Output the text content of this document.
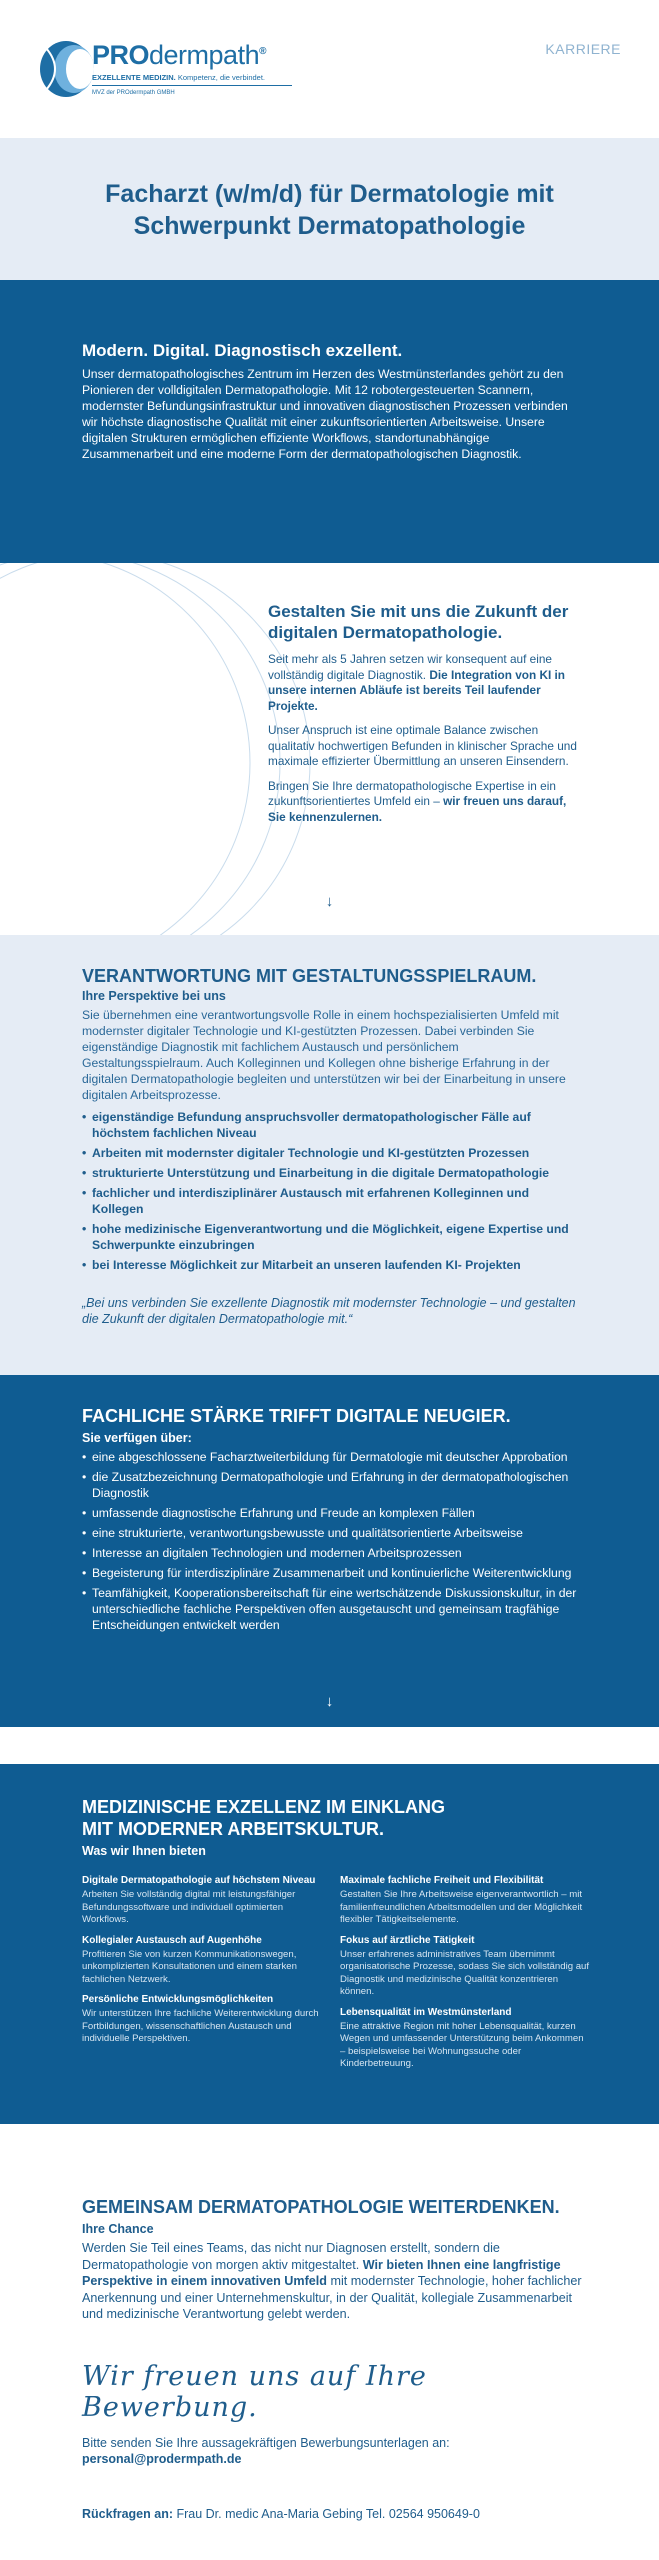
PROdermpath®
EXZELLENTE MEDIZIN. Kompetenz, die verbindet.
MVZ der PROdermpath GMBH
KARRIERE
Facharzt (w/m/d) für Dermatologie mit Schwerpunkt Dermatopathologie
Modern. Digital. Diagnostisch exzellent.

Unser dermatopathologisches Zentrum im Herzen des Westmünsterlandes gehört zu den Pionieren der volldigitalen Dermatopathologie. Mit 12 robotergesteuerten Scannern, modernster Befundungsinfrastruktur und innovativen diagnostischen Prozessen verbinden wir höchste diagnostische Qualität mit einer zukunftsorientierten Arbeitsweise. Unsere digitalen Strukturen ermöglichen effiziente Workflows, standortunabhängige Zusammenarbeit und eine moderne Form der dermatopathologischen Diagnostik.

Gestalten Sie mit uns die Zukunft der digitalen Dermatopathologie.

Seit mehr als 5 Jahren setzen wir konsequent auf eine vollständig digitale Diagnostik. Die Integration von KI in unsere internen Abläufe ist bereits Teil laufender Projekte.

Unser Anspruch ist eine optimale Balance zwischen qualitativ hochwertigen Befunden in klinischer Sprache und maximale effizierter Übermittlung an unseren Einsendern.

Bringen Sie Ihre dermatopathologische Expertise in ein zukunftsorientiertes Umfeld ein – wir freuen uns darauf, Sie kennenzulernen.

↓
VERANTWORTUNG MIT GESTALTUNGSSPIELRAUM.
Ihre Perspektive bei uns

Sie übernehmen eine verantwortungsvolle Rolle in einem hochspezialisierten Umfeld mit modernster digitaler Technologie und KI-gestützten Prozessen. Dabei verbinden Sie eigenständige Diagnostik mit fachlichem Austausch und persönlichem Gestaltungsspielraum. Auch Kolleginnen und Kollegen ohne bisherige Erfahrung in der digitalen Dermatopathologie begleiten und unterstützen wir bei der Einarbeitung in unsere digitalen Arbeitsprozesse.

• eigenständige Befundung anspruchsvoller dermatopathologischer Fälle auf höchstem fachlichen Niveau
• Arbeiten mit modernster digitaler Technologie und KI-gestützten Prozessen
• strukturierte Unterstützung und Einarbeitung in die digitale Dermatopathologie
• fachlicher und interdisziplinärer Austausch mit erfahrenen Kolleginnen und Kollegen
• hohe medizinische Eigenverantwortung und die Möglichkeit, eigene Expertise und Schwerpunkte einzubringen
• bei Interesse Möglichkeit zur Mitarbeit an unseren laufenden KI- Projekten

„Bei uns verbinden Sie exzellente Diagnostik mit modernster Technologie – und gestalten die Zukunft der digitalen Dermatopathologie mit.“

FACHLICHE STÄRKE TRIFFT DIGITALE NEUGIER.
Sie verfügen über:
• eine abgeschlossene Facharztweiterbildung für Dermatologie mit deutscher Approbation
• die Zusatzbezeichnung Dermatopathologie und Erfahrung in der dermatopathologischen Diagnostik
• umfassende diagnostische Erfahrung und Freude an komplexen Fällen
• eine strukturierte, verantwortungsbewusste und qualitätsorientierte Arbeitsweise
• Interesse an digitalen Technologien und modernen Arbeitsprozessen
• Begeisterung für interdisziplinäre Zusammenarbeit und kontinuierliche Weiterentwicklung
• Teamfähigkeit, Kooperationsbereitschaft für eine wertschätzende Diskussionskultur, in der unterschiedliche fachliche Perspektiven offen ausgetauscht und gemeinsam tragfähige Entscheidungen entwickelt werden
↓
MEDIZINISCHE EXZELLENZ IM EINKLANG
MIT MODERNER ARBEITSKULTUR.
Was wir Ihnen bieten
Digitale Dermatopathologie auf höchstem Niveau

Arbeiten Sie vollständig digital mit leistungsfähiger Befundungssoftware und individuell optimierten Workflows.

Kollegialer Austausch auf Augenhöhe

Profitieren Sie von kurzen Kommunikationswegen, unkomplizierten Konsultationen und einem starken fachlichen Netzwerk.

Persönliche Entwicklungsmöglichkeiten

Wir unterstützen Ihre fachliche Weiterentwicklung durch Fortbildungen, wissenschaftlichen Austausch und individuelle Perspektiven.

Maximale fachliche Freiheit und Flexibilität

Gestalten Sie Ihre Arbeitsweise eigenverantwortlich – mit familienfreundlichen Arbeitsmodellen und der Möglichkeit flexibler Tätigkeitselemente.

Fokus auf ärztliche Tätigkeit

Unser erfahrenes administratives Team übernimmt organisatorische Prozesse, sodass Sie sich vollständig auf Diagnostik und medizinische Qualität konzentrieren können.

Lebensqualität im Westmünsterland

Eine attraktive Region mit hoher Lebensqualität, kurzen Wegen und umfassender Unterstützung beim Ankommen – beispielsweise bei Wohnungssuche oder Kinderbetreuung.

GEMEINSAM DERMATOPATHOLOGIE WEITERDENKEN.
Ihre Chance

Werden Sie Teil eines Teams, das nicht nur Diagnosen erstellt, sondern die Dermatopathologie von morgen aktiv mitgestaltet. Wir bieten Ihnen eine langfristige Perspektive in einem innovativen Umfeld mit modernster Technologie, hoher fachlicher Anerkennung und einer Unternehmenskultur, in der Qualität, kollegiale Zusammenarbeit und medizinische Verantwortung gelebt werden.

Wir freuen uns auf Ihre Bewerbung.

Bitte senden Sie Ihre aussagekräftigen Bewerbungsunterlagen an:

personal@prodermpath.de

Rückfragen an: Frau Dr. medic Ana-Maria Gebing Tel. 02564 950649-0
